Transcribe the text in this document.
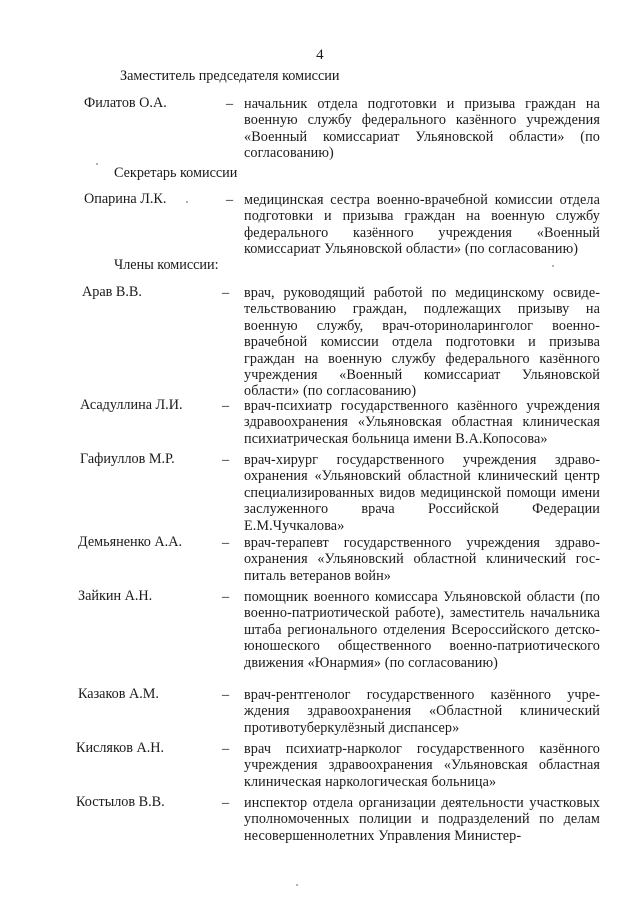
4
Заместитель председателя комиссии
Филатов О.А.	– начальник отдела подготовки и призыва граждан на военную службу федерального казённого учреждения «Военный комиссариат Ульяновской области» (по согласованию)
Секретарь комиссии
Опарина Л.К.	– медицинская сестра военно-врачебной комиссии отдела подготовки и призыва граждан на военную службу федерального казённого учреждения «Военный комиссариат Ульяновской области» (по согласованию)
Члены комиссии:
Арав В.В.	– врач, руководящий работой по медицинскому освидетельствованию граждан, подлежащих призыву на военную службу, врач-оториноларинголог военно-врачебной комиссии отдела подготовки и призыва граждан на военную службу федерального казённого учреждения «Военный комиссариат Ульяновской области» (по согласованию)
Асадуллина Л.И.	– врач-психиатр государственного казённого учреждения здравоохранения «Ульяновская областная клиническая психиатрическая больница имени В.А.Копосова»
Гафиуллов М.Р.	– врач-хирург государственного учреждения здравоохранения «Ульяновский областной клинический центр специализированных видов медицинской помощи имени заслуженного врача Российской Федерации Е.М.Чучкалова»
Демьяненко А.А.	– врач-терапевт государственного учреждения здравоохранения «Ульяновский областной клинический госпиталь ветеранов войн»
Зайкин А.Н.	– помощник военного комиссара Ульяновской области (по военно-патриотической работе), заместитель начальника штаба регионального отделения Всероссийского детско-юношеского общественного военно-патриотического движения «Юнармия» (по согласованию)
Казаков А.М.	– врач-рентгенолог государственного казённого учреждения здравоохранения «Областной клинический противотуберкулёзный диспансер»
Кисляков А.Н.	– врач психиатр-нарколог государственного казённого учреждения здравоохранения «Ульяновская областная клиническая наркологическая больница»
Костылов В.В.	– инспектор отдела организации деятельности участковых уполномоченных полиции и подразделений по делам несовершеннолетних Управления Министер-
